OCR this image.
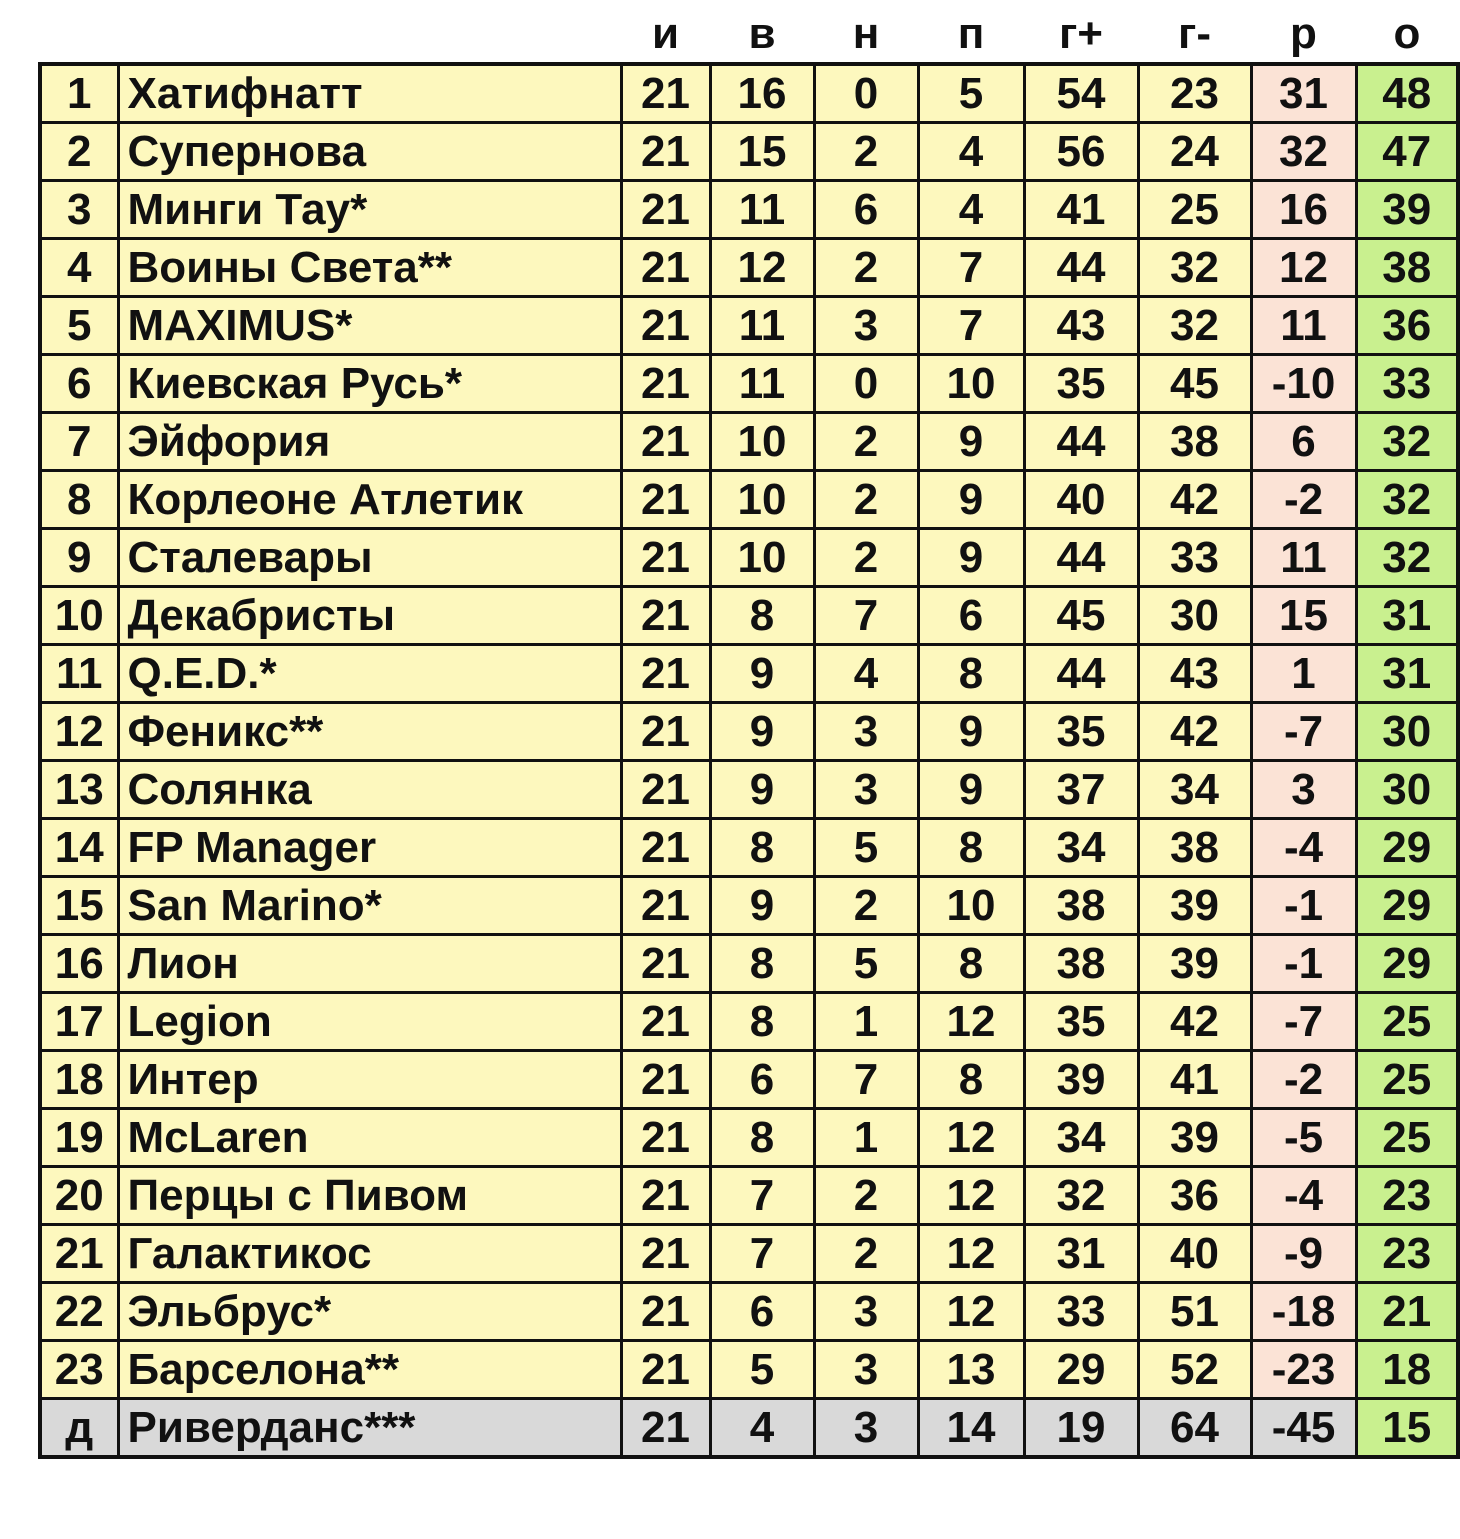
		и	в	н	п	г+	г-	р	о
1	Хатифнатт	21	16	0	5	54	23	31	48
2	Супернова	21	15	2	4	56	24	32	47
3	Минги Тау*	21	11	6	4	41	25	16	39
4	Воины Света**	21	12	2	7	44	32	12	38
5	MAXIMUS*	21	11	3	7	43	32	11	36
6	Киевская Русь*	21	11	0	10	35	45	-10	33
7	Эйфория	21	10	2	9	44	38	6	32
8	Корлеоне Атлетик	21	10	2	9	40	42	-2	32
9	Сталевары	21	10	2	9	44	33	11	32
10	Декабристы	21	8	7	6	45	30	15	31
11	Q.E.D.*	21	9	4	8	44	43	1	31
12	Феникс**	21	9	3	9	35	42	-7	30
13	Солянка	21	9	3	9	37	34	3	30
14	FP Manager	21	8	5	8	34	38	-4	29
15	San Marino*	21	9	2	10	38	39	-1	29
16	Лион	21	8	5	8	38	39	-1	29
17	Legion	21	8	1	12	35	42	-7	25
18	Интер	21	6	7	8	39	41	-2	25
19	McLaren	21	8	1	12	34	39	-5	25
20	Перцы с Пивом	21	7	2	12	32	36	-4	23
21	Галактикос	21	7	2	12	31	40	-9	23
22	Эльбрус*	21	6	3	12	33	51	-18	21
23	Барселона**	21	5	3	13	29	52	-23	18
д	Риверданс***	21	4	3	14	19	64	-45	15
